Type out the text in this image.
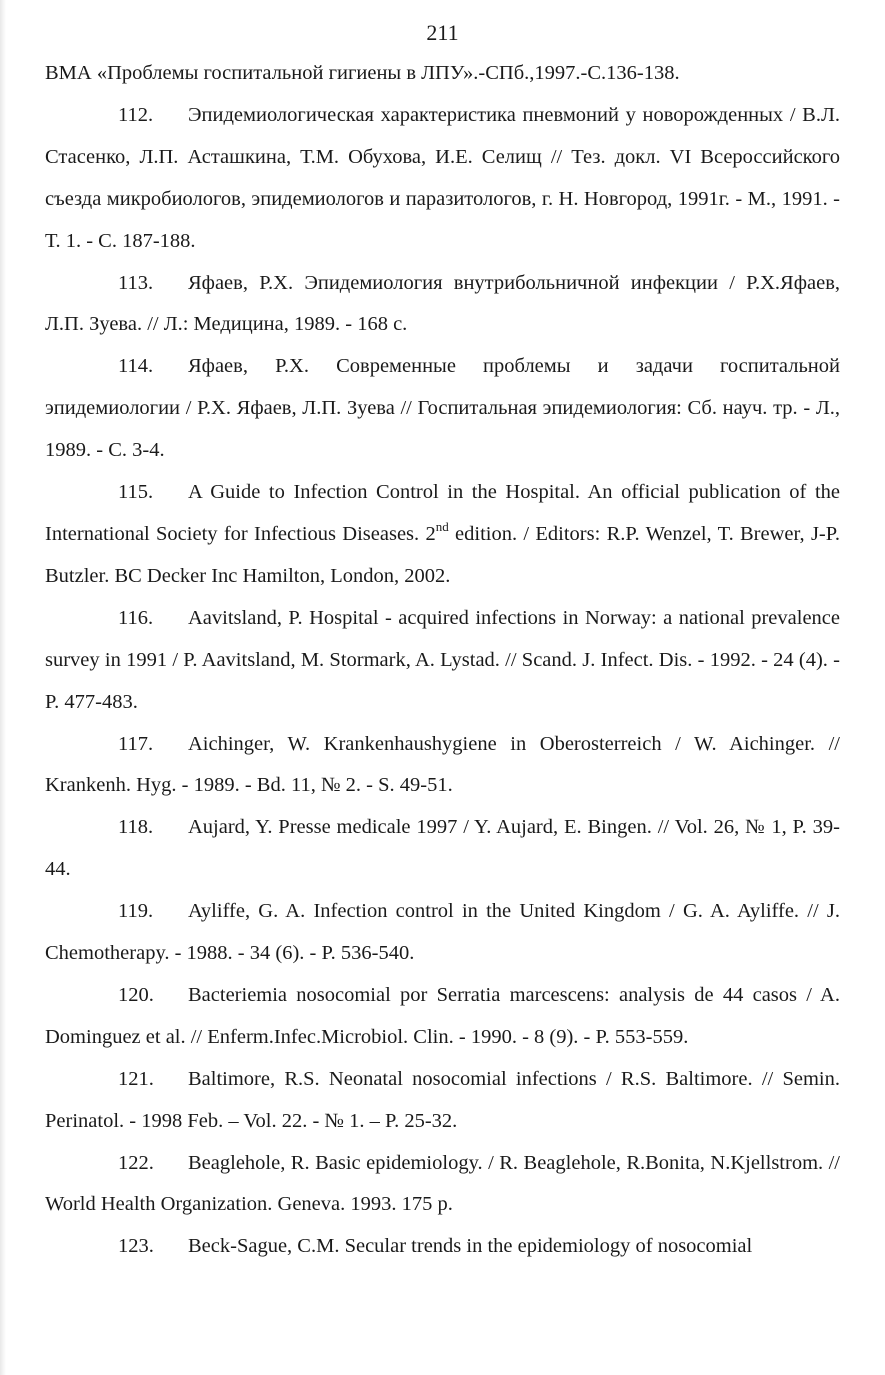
211

ВМА «Проблемы госпитальной гигиены в ЛПУ».-СПб.,1997.-С.136-138.

112. Эпидемиологическая характеристика пневмоний у новорожденных / В.Л. Стасенко, Л.П. Асташкина, Т.М. Обухова, И.Е. Селищ // Тез. докл. VI Всероссийского съезда микробиологов, эпидемиологов и паразитологов, г. Н. Новгород, 1991г. - М., 1991. - Т. 1. - С. 187-188.

113. Яфаев, Р.Х. Эпидемиология внутрибольничной инфекции / Р.Х.Яфаев, Л.П. Зуева. // Л.: Медицина, 1989. - 168 с.

114. Яфаев, Р.Х. Современные проблемы и задачи госпитальной эпидемиологии / Р.Х. Яфаев, Л.П. Зуева // Госпитальная эпидемиология: Сб. науч. тр. - Л., 1989. - С. 3-4.

115. A Guide to Infection Control in the Hospital. An official publication of the International Society for Infectious Diseases. 2nd edition. / Editors: R.P. Wenzel, T. Brewer, J-P. Butzler. BC Decker Inc Hamilton, London, 2002.

116. Aavitsland, P. Hospital - acquired infections in Norway: a national prevalence survey in 1991 / P. Aavitsland, M. Stormark, A. Lystad. // Scand. J. Infect. Dis. - 1992. - 24 (4). - P. 477-483.

117. Aichinger, W. Krankenhaushygiene in Oberosterreich / W. Aichinger. // Krankenh. Hyg. - 1989. - Bd. 11, № 2. - S. 49-51.

118. Aujard, Y. Presse medicale 1997 / Y. Aujard, E. Bingen. // Vol. 26, № 1, P. 39-44.

119. Ayliffe, G. A. Infection control in the United Kingdom / G. A. Ayliffe. // J. Chemotherapy. - 1988. - 34 (6). - P. 536-540.

120. Bacteriemia nosocomial por Serratia marcescens: analysis de 44 casos / A. Dominguez et al. // Enferm.Infec.Microbiol. Clin. - 1990. - 8 (9). - P. 553-559.

121. Baltimore, R.S. Neonatal nosocomial infections / R.S. Baltimore. // Semin. Perinatol. - 1998 Feb. – Vol. 22. - № 1. – P. 25-32.

122. Beaglehole, R. Basic epidemiology. / R. Beaglehole, R.Bonita, N.Kjellstrom. // World Health Organization. Geneva. 1993. 175 p.

123. Beck-Sague, C.M. Secular trends in the epidemiology of nosocomial
